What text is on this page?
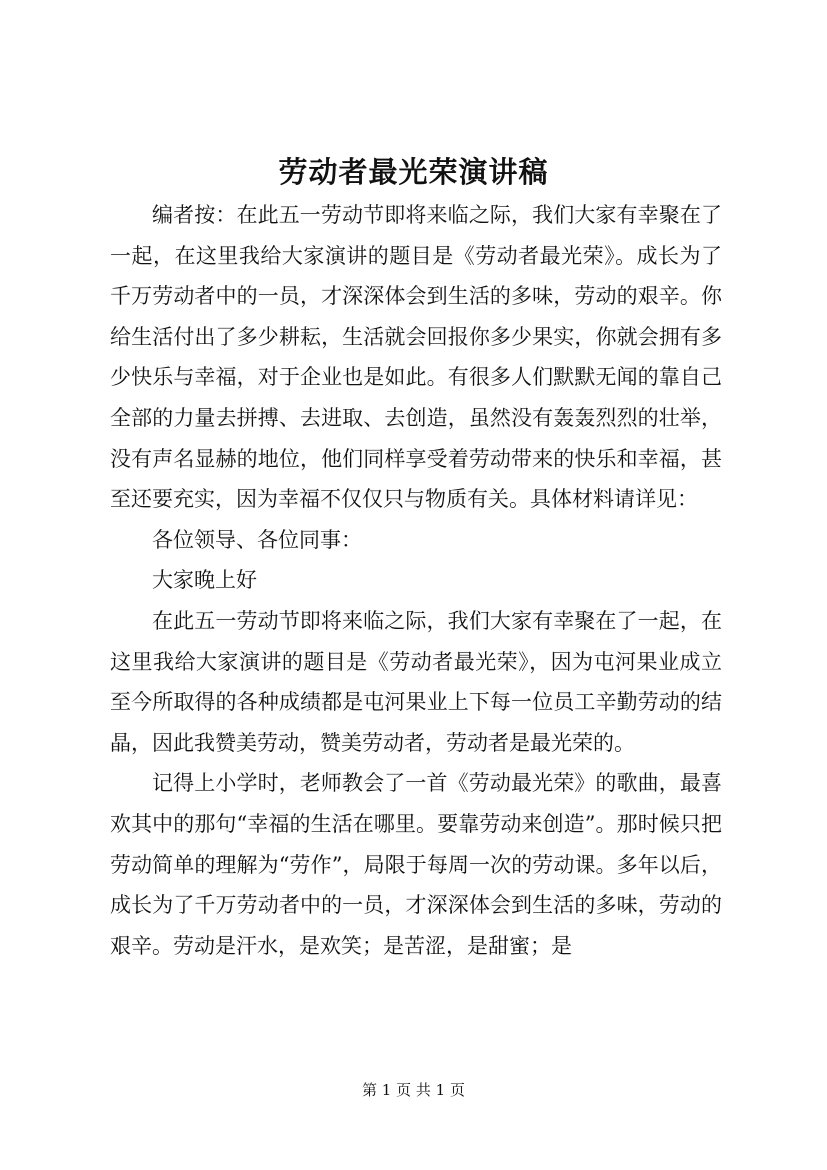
劳动者最光荣演讲稿

编者按：在此五一劳动节即将来临之际，我们大家有幸聚在了一起，在这里我给大家演讲的题目是《劳动者最光荣》。成长为了千万劳动者中的一员，才深深体会到生活的多味，劳动的艰辛。你给生活付出了多少耕耘，生活就会回报你多少果实，你就会拥有多少快乐与幸福，对于企业也是如此。有很多人们默默无闻的靠自己全部的力量去拼搏、去进取、去创造，虽然没有轰轰烈烈的壮举，没有声名显赫的地位，他们同样享受着劳动带来的快乐和幸福，甚至还要充实，因为幸福不仅仅只与物质有关。具体材料请详见：

各位领导、各位同事：

大家晚上好

在此五一劳动节即将来临之际，我们大家有幸聚在了一起，在这里我给大家演讲的题目是《劳动者最光荣》，因为屯河果业成立至今所取得的各种成绩都是屯河果业上下每一位员工辛勤劳动的结晶，因此我赞美劳动，赞美劳动者，劳动者是最光荣的。

记得上小学时，老师教会了一首《劳动最光荣》的歌曲，最喜欢其中的那句“幸福的生活在哪里。要靠劳动来创造”。那时候只把劳动简单的理解为“劳作”，局限于每周一次的劳动课。多年以后，成长为了千万劳动者中的一员，才深深体会到生活的多味，劳动的艰辛。劳动是汗水，是欢笑；是苦涩，是甜蜜；是

第 1 页 共 1 页
